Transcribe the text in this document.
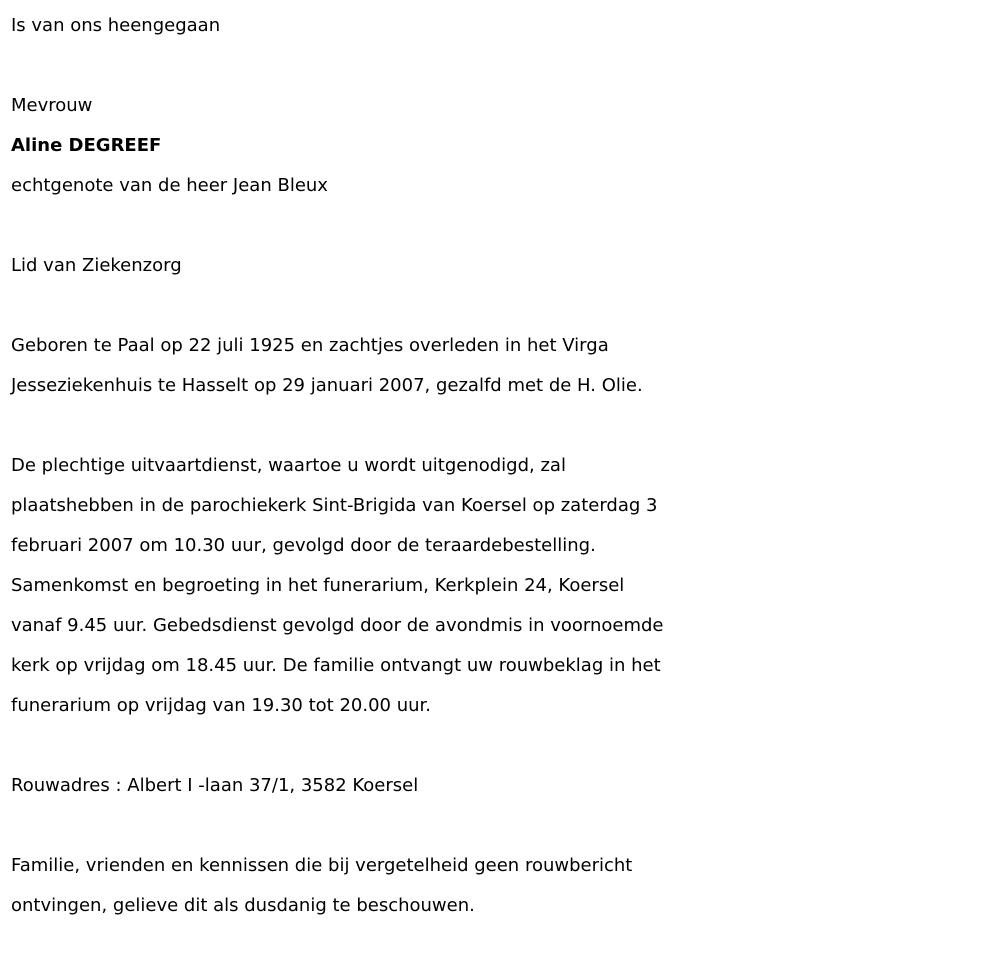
Is van ons heengegaan
Mevrouw
Aline DEGREEF
echtgenote van de heer Jean Bleux
Lid van Ziekenzorg
Geboren te Paal op 22 juli 1925 en zachtjes overleden in het Virga
Jesseziekenhuis te Hasselt op 29 januari 2007, gezalfd met de H. Olie.
De plechtige uitvaartdienst, waartoe u wordt uitgenodigd, zal
plaatshebben in de parochiekerk Sint-Brigida van Koersel op zaterdag 3
februari 2007 om 10.30 uur, gevolgd door de teraardebestelling.
Samenkomst en begroeting in het funerarium, Kerkplein 24, Koersel
vanaf 9.45 uur. Gebedsdienst gevolgd door de avondmis in voornoemde
kerk op vrijdag om 18.45 uur. De familie ontvangt uw rouwbeklag in het
funerarium op vrijdag van 19.30 tot 20.00 uur.
Rouwadres : Albert I -laan 37/1, 3582 Koersel
Familie, vrienden en kennissen die bij vergetelheid geen rouwbericht
ontvingen, gelieve dit als dusdanig te beschouwen.
